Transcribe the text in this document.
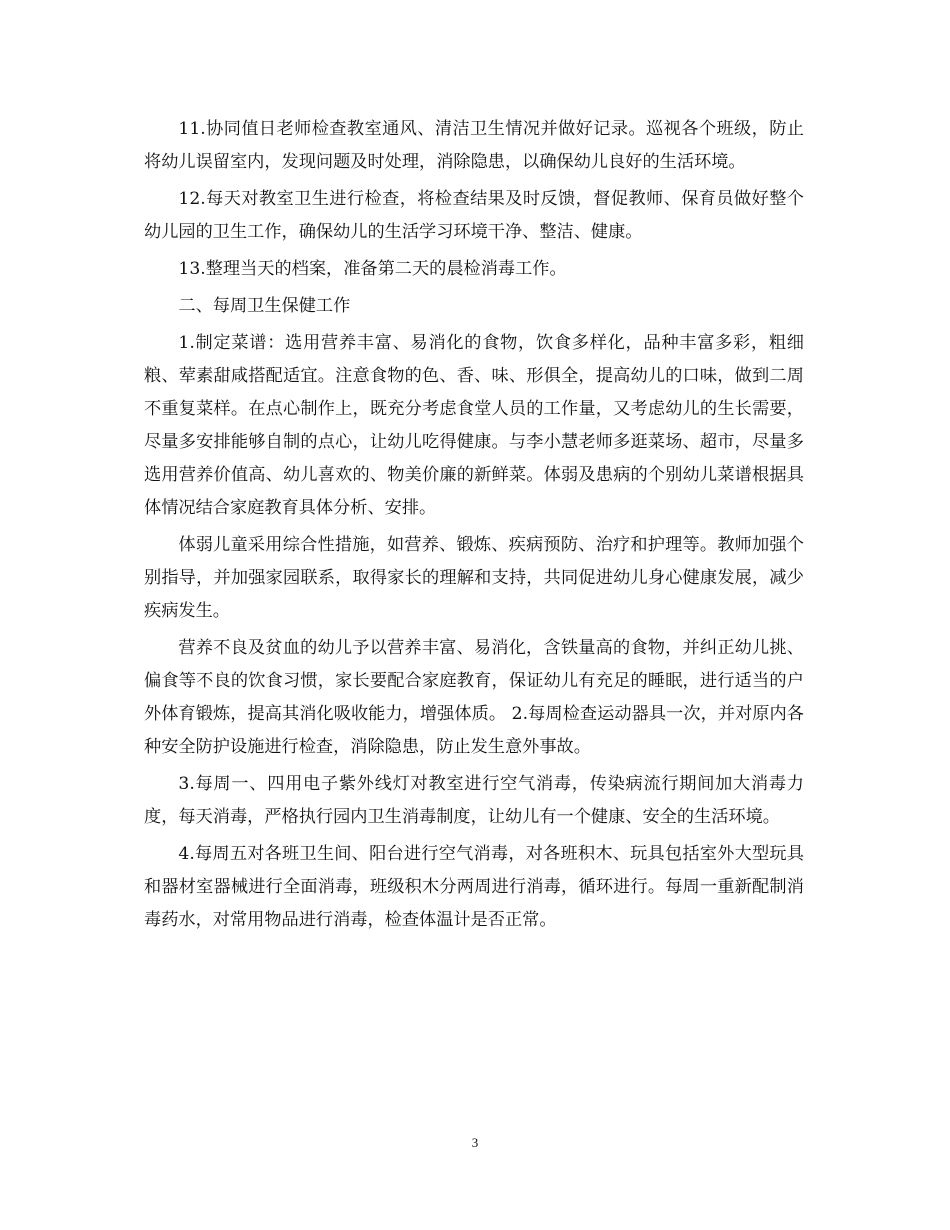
11.协同值日老师检查教室通风、清洁卫生情况并做好记录。巡视各个班级，防止将幼儿误留室内，发现问题及时处理，消除隐患，以确保幼儿良好的生活环境。

12.每天对教室卫生进行检查，将检查结果及时反馈，督促教师、保育员做好整个幼儿园的卫生工作，确保幼儿的生活学习环境干净、整洁、健康。

13.整理当天的档案，准备第二天的晨检消毒工作。

二、每周卫生保健工作

1.制定菜谱：选用营养丰富、易消化的食物，饮食多样化，品种丰富多彩，粗细粮、荤素甜咸搭配适宜。注意食物的色、香、味、形俱全，提高幼儿的口味，做到二周不重复菜样。在点心制作上，既充分考虑食堂人员的工作量，又考虑幼儿的生长需要，尽量多安排能够自制的点心，让幼儿吃得健康。与李小慧老师多逛菜场、超市，尽量多选用营养价值高、幼儿喜欢的、物美价廉的新鲜菜。体弱及患病的个别幼儿菜谱根据具体情况结合家庭教育具体分析、安排。

体弱儿童采用综合性措施，如营养、锻炼、疾病预防、治疗和护理等。教师加强个别指导，并加强家园联系，取得家长的理解和支持，共同促进幼儿身心健康发展，减少疾病发生。

营养不良及贫血的幼儿予以营养丰富、易消化，含铁量高的食物，并纠正幼儿挑、偏食等不良的饮食习惯，家长要配合家庭教育，保证幼儿有充足的睡眠，进行适当的户外体育锻炼，提高其消化吸收能力，增强体质。 2.每周检查运动器具一次，并对原内各种安全防护设施进行检查，消除隐患，防止发生意外事故。

3.每周一、四用电子紫外线灯对教室进行空气消毒，传染病流行期间加大消毒力度，每天消毒，严格执行园内卫生消毒制度，让幼儿有一个健康、安全的生活环境。

4.每周五对各班卫生间、阳台进行空气消毒，对各班积木、玩具包括室外大型玩具和器材室器械进行全面消毒，班级积木分两周进行消毒，循环进行。每周一重新配制消毒药水，对常用物品进行消毒，检查体温计是否正常。

3
